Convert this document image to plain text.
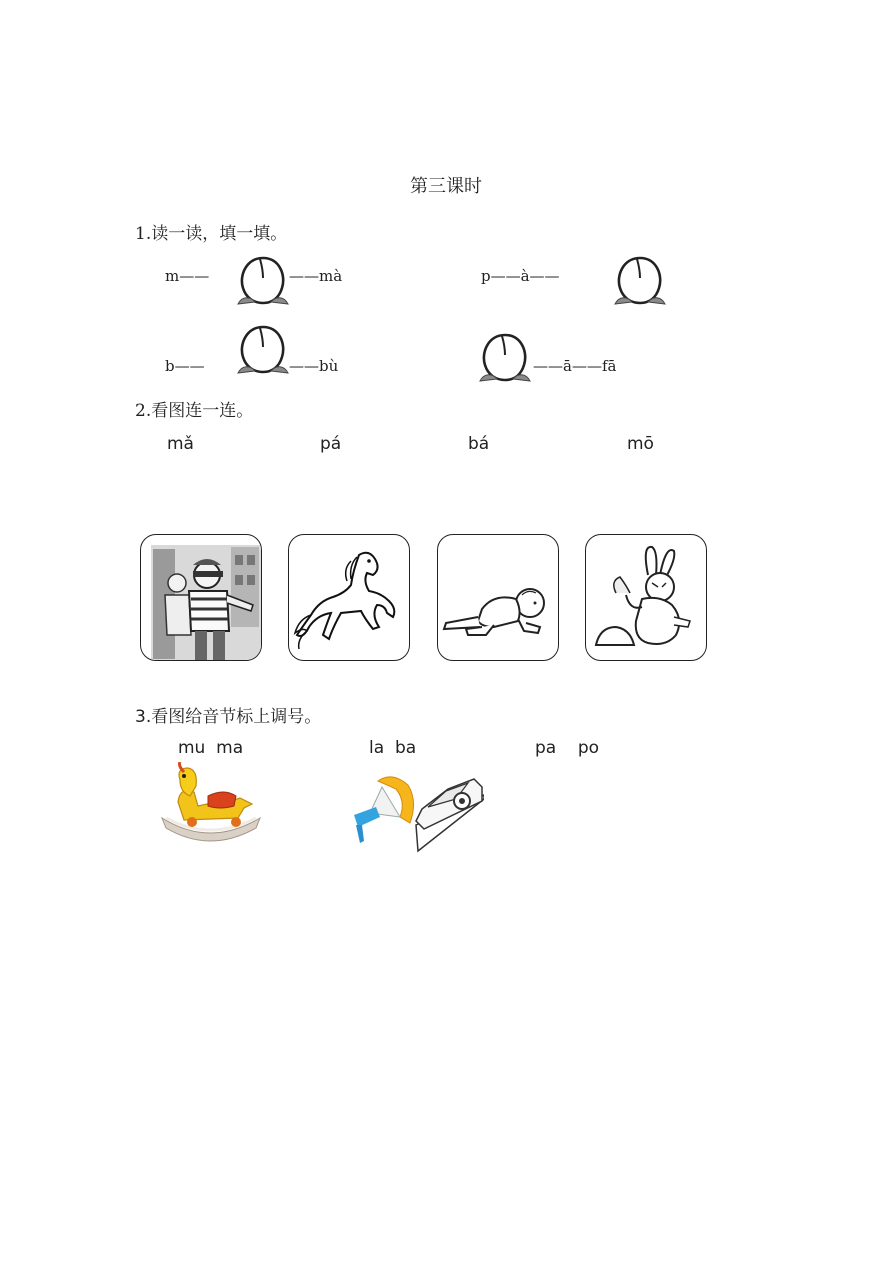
第三课时
1.读一读，填一填。
m——	——mà	p——à——
b——	——bù	——ā——fā
2.看图连一连。
mǎ	pá	bá	mō
3.看图给音节标上调号。
mu  ma	la  ba	pa    po
